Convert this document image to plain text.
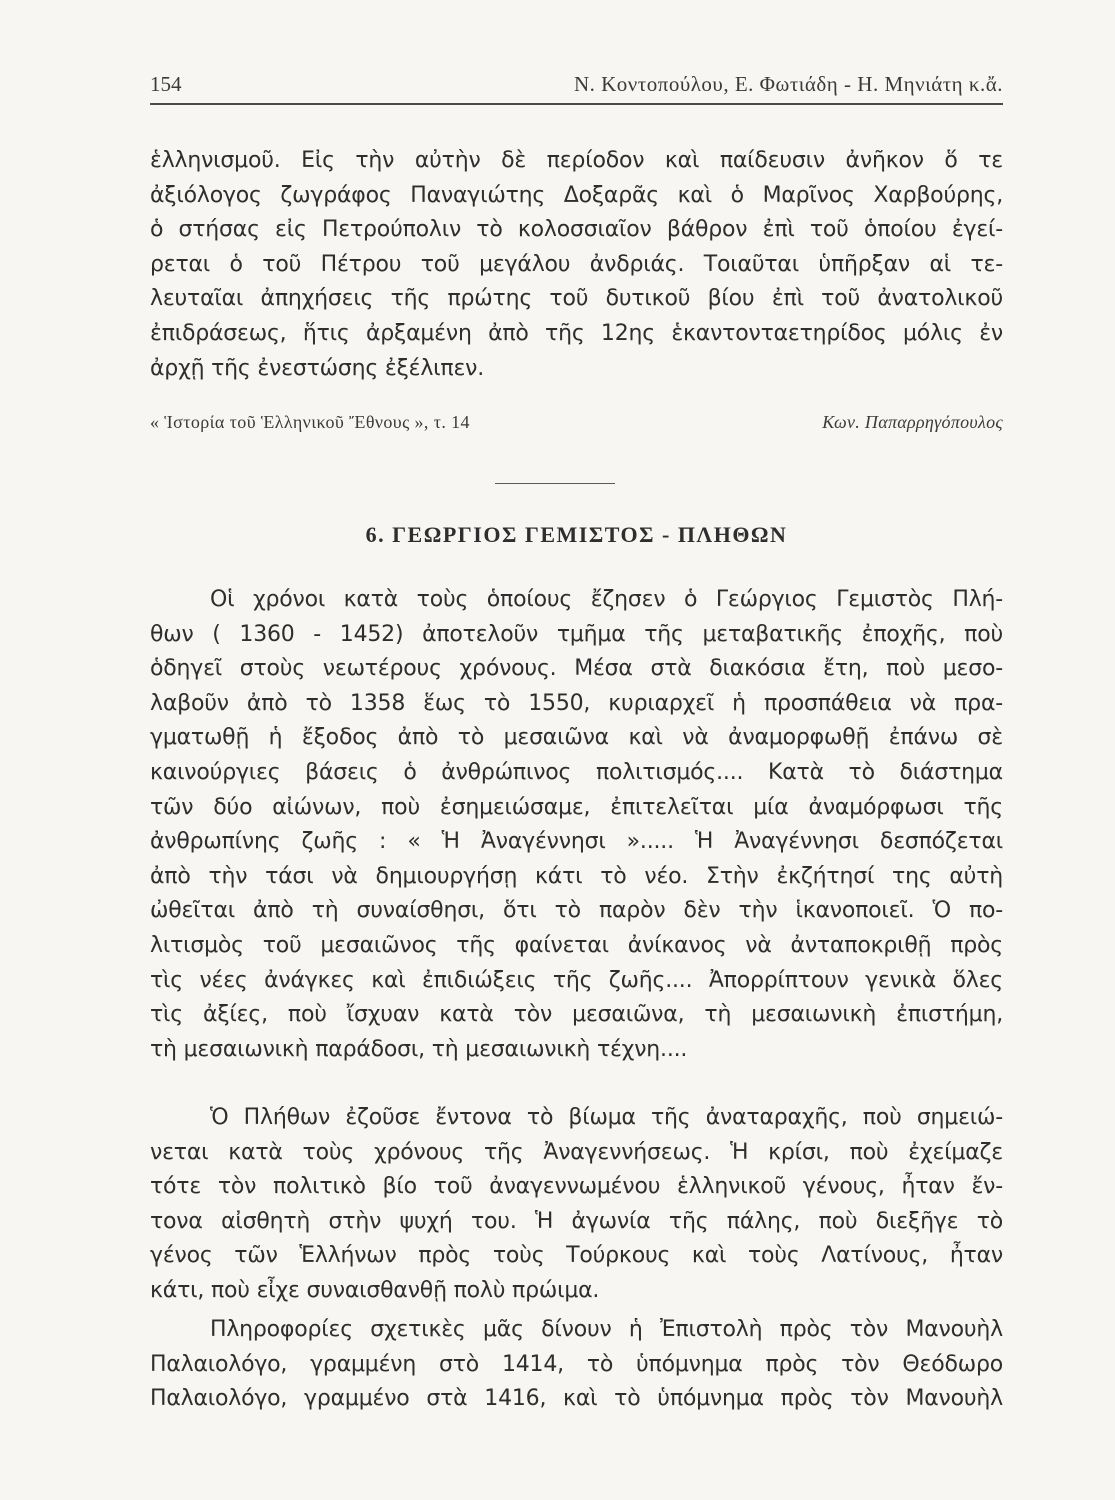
154	Ν. Κοντοπούλου, Ε. Φωτιάδη - Η. Μηνιάτη κ.ἄ.
ἑλληνισμοῦ. Εἰς τὴν αὐτὴν δὲ περίοδον καὶ παίδευσιν ἀνῆκον ὅ τε
ἀξιόλογος ζωγράφος Παναγιώτης Δοξαρᾶς καὶ ὁ Μαρῖνος Χαρβούρης,
ὁ στήσας εἰς Πετρούπολιν τὸ κολοσσιαῖον βάθρον ἐπὶ τοῦ ὁποίου ἐγεί-
ρεται ὁ τοῦ Πέτρου τοῦ μεγάλου ἀνδριάς. Τοιαῦται ὑπῆρξαν αἱ τε-
λευταῖαι ἀπηχήσεις τῆς πρώτης τοῦ δυτικοῦ βίου ἐπὶ τοῦ ἀνατολικοῦ
ἐπιδράσεως, ἥτις ἀρξαμένη ἀπὸ τῆς 12ης ἑκαντονταετηρίδος μόλις ἐν
ἀρχῇ τῆς ἐνεστώσης ἐξέλιπεν.
« Ἱστορία τοῦ Ἑλληνικοῦ Ἔθνους », τ. 14	Κων. Παπαρρηγόπουλος
6. ΓΕΩΡΓΙΟΣ ΓΕΜΙΣΤΟΣ - ΠΛΗΘΩΝ
Οἱ χρόνοι κατὰ τοὺς ὁποίους ἔζησεν ὁ Γεώργιος Γεμιστὸς Πλή-
θων ( 1360 - 1452) ἀποτελοῦν τμῆμα τῆς μεταβατικῆς ἐποχῆς, ποὺ
ὁδηγεῖ στοὺς νεωτέρους χρόνους. Μέσα στὰ διακόσια ἔτη, ποὺ μεσο-
λαβοῦν ἀπὸ τὸ 1358 ἕως τὸ 1550, κυριαρχεῖ ἡ προσπάθεια νὰ πρα-
γματωθῇ ἡ ἔξοδος ἀπὸ τὸ μεσαιῶνα καὶ νὰ ἀναμορφωθῇ ἐπάνω σὲ
καινούργιες βάσεις ὁ ἀνθρώπινος πολιτισμός.... Κατὰ τὸ διάστημα
τῶν δύο αἰώνων, ποὺ ἐσημειώσαμε, ἐπιτελεῖται μία ἀναμόρφωσι τῆς
ἀνθρωπίνης ζωῆς : « Ἡ Ἀναγέννησι »..... Ἡ Ἀναγέννησι δεσπόζεται
ἀπὸ τὴν τάσι νὰ δημιουργήσῃ κάτι τὸ νέο. Στὴν ἐκζήτησί της αὐτὴ
ὠθεῖται ἀπὸ τὴ συναίσθησι, ὅτι τὸ παρὸν δὲν τὴν ἱκανοποιεῖ. Ὁ πο-
λιτισμὸς τοῦ μεσαιῶνος τῆς φαίνεται ἀνίκανος νὰ ἀνταποκριθῇ πρὸς
τὶς νέες ἀνάγκες καὶ ἐπιδιώξεις τῆς ζωῆς.... Ἀπορρίπτουν γενικὰ ὅλες
τὶς ἀξίες, ποὺ ἴσχυαν κατὰ τὸν μεσαιῶνα, τὴ μεσαιωνικὴ ἐπιστήμη,
τὴ μεσαιωνικὴ παράδοσι, τὴ μεσαιωνικὴ τέχνη....
Ὁ Πλήθων ἐζοῦσε ἔντονα τὸ βίωμα τῆς ἀναταραχῆς, ποὺ σημειώ-
νεται κατὰ τοὺς χρόνους τῆς Ἀναγεννήσεως. Ἡ κρίσι, ποὺ ἐχείμαζε
τότε τὸν πολιτικὸ βίο τοῦ ἀναγεννωμένου ἑλληνικοῦ γένους, ἦταν ἔν-
τονα αἰσθητὴ στὴν ψυχή του. Ἡ ἀγωνία τῆς πάλης, ποὺ διεξῆγε τὸ
γένος τῶν Ἑλλήνων πρὸς τοὺς Τούρκους καὶ τοὺς Λατίνους, ἦταν
κάτι, ποὺ εἶχε συναισθανθῇ πολὺ πρώιμα.
Πληροφορίες σχετικὲς μᾶς δίνουν ἡ Ἐπιστολὴ πρὸς τὸν Μανουὴλ
Παλαιολόγο, γραμμένη στὸ 1414, τὸ ὑπόμνημα πρὸς τὸν Θεόδωρο
Παλαιολόγο, γραμμένο στὰ 1416, καὶ τὸ ὑπόμνημα πρὸς τὸν Μανουὴλ
